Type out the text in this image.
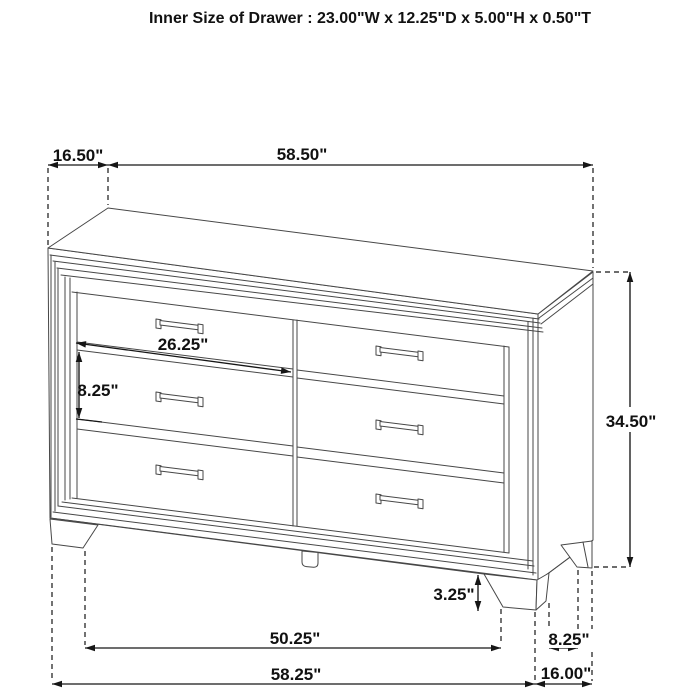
Inner Size of Drawer : 23.00"W x 12.25"D x 5.00"H x 0.50"T
16.50"	58.50"
26.25"
8.25"
34.50"
3.25"
50.25"	8.25"
58.25"	16.00"
